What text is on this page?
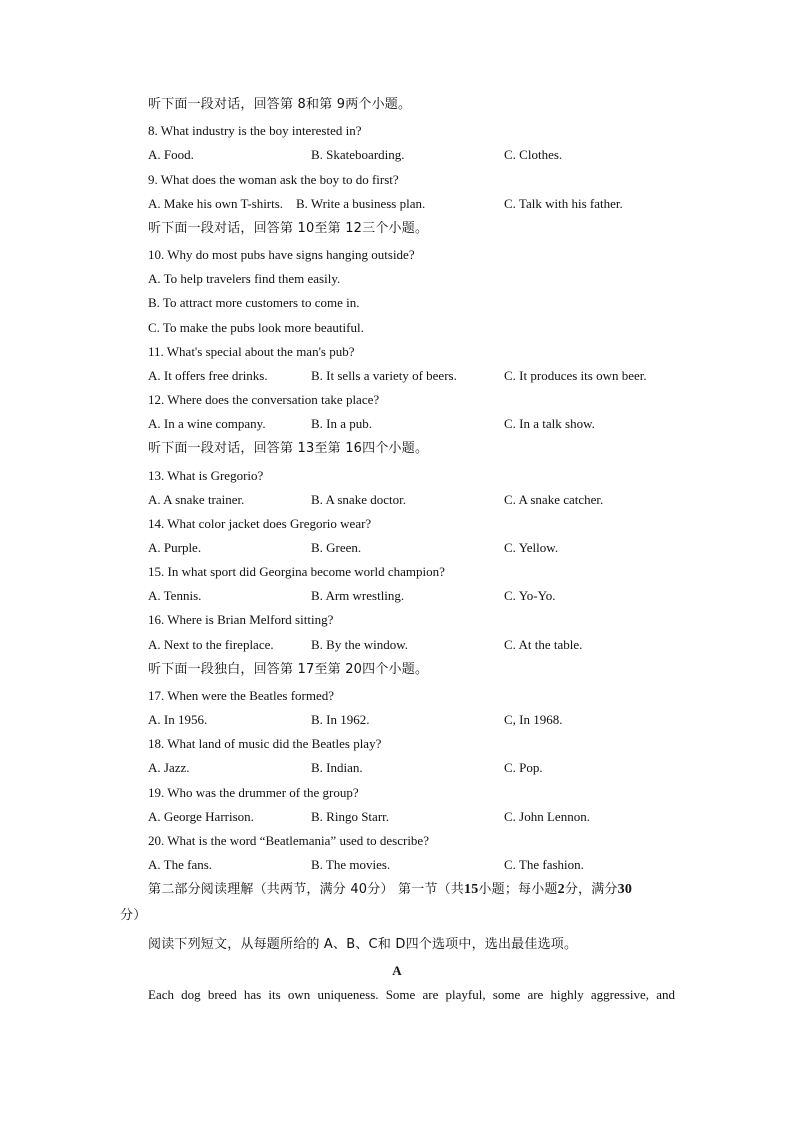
听下面一段对话，回答第 8和第 9两个小题。
8. What industry is the boy interested in?
A. Food.	B. Skateboarding.	C. Clothes.
9. What does the woman ask the boy to do first?
A. Make his own T-shirts. B. Write a business plan.	C. Talk with his father.
听下面一段对话，回答第 10至第 12三个小题。
10. Why do most pubs have signs hanging outside?
A. To help travelers find them easily.
B. To attract more customers to come in.
C. To make the pubs look more beautiful.
11. What's special about the man's pub?
A. It offers free drinks.	B. It sells a variety of beers.	C. It produces its own beer.
12. Where does the conversation take place?
A. In a wine company.	B. In a pub.	C. In a talk show.
听下面一段对话，回答第 13至第 16四个小题。
13. What is Gregorio?
A. A snake trainer.	B. A snake doctor.	C. A snake catcher.
14. What color jacket does Gregorio wear?
A. Purple.	B. Green.	C. Yellow.
15. In what sport did Georgina become world champion?
A. Tennis.	B. Arm wrestling.	C. Yo-Yo.
16. Where is Brian Melford sitting?
A. Next to the fireplace.	B. By the window.	C. At the table.
听下面一段独白，回答第 17至第 20四个小题。
17. When were the Beatles formed?
A. In 1956.	B. In 1962.	C, In 1968.
18. What land of music did the Beatles play?
A. Jazz.	B. Indian.	C. Pop.
19. Who was the drummer of the group?
A. George Harrison.	B. Ringo Starr.	C. John Lennon.
20. What is the word “Beatlemania” used to describe?
A. The fans.	B. The movies.	C. The fashion.
第二部分阅读理解（共两节，满分 40分） 第一节（共15小题；每小题2分，满分30
分）
阅读下列短文，从每题所给的 A、B、C和 D四个选项中，选出最佳选项。
A
Each dog breed has its own uniqueness. Some are playful, some are highly aggressive, and
